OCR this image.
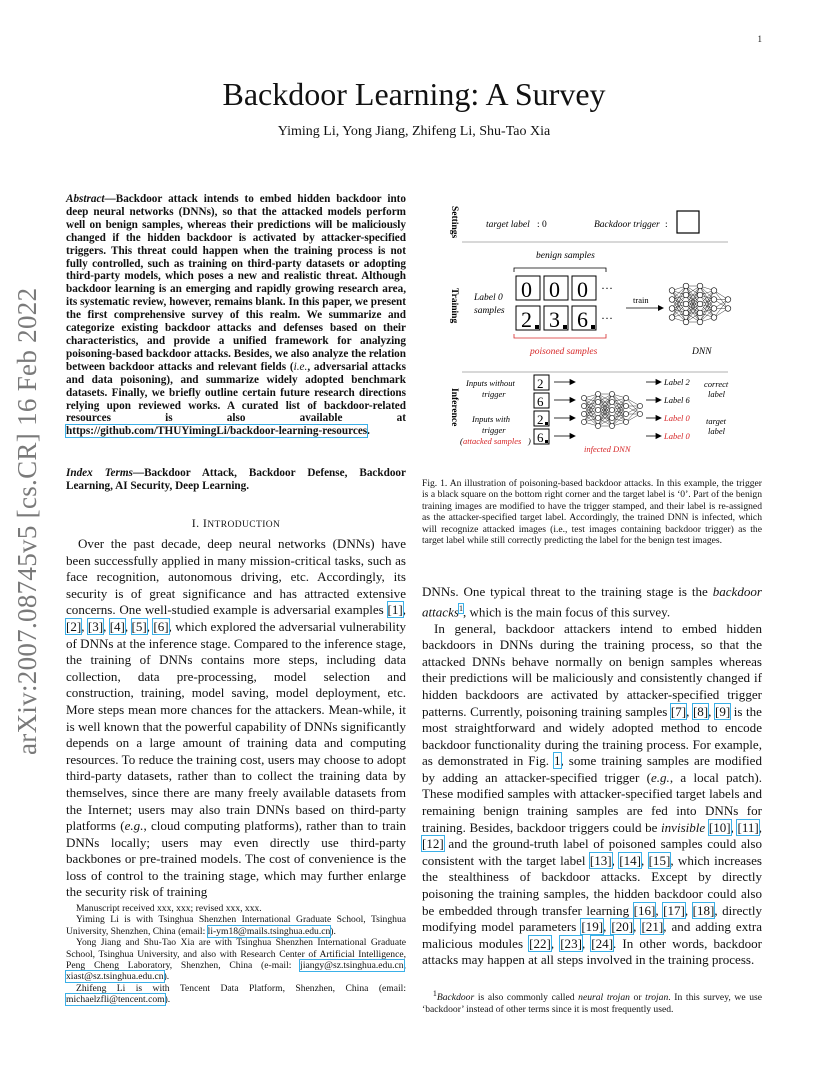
1
arXiv:2007.08745v5 [cs.CR] 16 Feb 2022
Backdoor Learning: A Survey
Yiming Li, Yong Jiang, Zhifeng Li, Shu-Tao Xia
Abstract—Backdoor attack intends to embed hidden backdoor into deep neural networks (DNNs), so that the attacked models perform well on benign samples, whereas their predictions will be maliciously changed if the hidden backdoor is activated by attacker-specified triggers. This threat could happen when the training process is not fully controlled, such as training on third-party datasets or adopting third-party models, which poses a new and realistic threat. Although backdoor learning is an emerging and rapidly growing research area, its systematic review, however, remains blank. In this paper, we present the first comprehensive survey of this realm. We summarize and categorize existing backdoor attacks and defenses based on their characteristics, and provide a unified framework for analyzing poisoning-based backdoor attacks. Besides, we also analyze the relation between backdoor attacks and relevant fields (i.e., adversarial attacks and data poisoning), and summarize widely adopted benchmark datasets. Finally, we briefly outline certain future research directions relying upon reviewed works. A curated list of backdoor-related resources is also available at https://github.com/THUYimingLi/backdoor-learning-resources.
Index Terms—Backdoor Attack, Backdoor Defense, Backdoor Learning, AI Security, Deep Learning.
I. INTRODUCTION
Over the past decade, deep neural networks (DNNs) have been successfully applied in many mission-critical tasks, such as face recognition, autonomous driving, etc. Accordingly, its security is of great significance and has attracted extensive concerns. One well-studied example is adversarial examples [1], [2], [3], [4], [5], [6], which explored the adversarial vulnerability of DNNs at the inference stage. Compared to the inference stage, the training of DNNs contains more steps, including data collection, data pre-processing, model selection and construction, training, model saving, model deployment, etc. More steps mean more chances for the attackers. Mean-while, it is well known that the powerful capability of DNNs significantly depends on a large amount of training data and computing resources. To reduce the training cost, users may choose to adopt third-party datasets, rather than to collect the training data by themselves, since there are many freely available datasets from the Internet; users may also train DNNs based on third-party platforms (e.g., cloud computing platforms), rather than to train DNNs locally; users may even directly use third-party backbones or pre-trained models. The cost of convenience is the loss of control to the training stage, which may further enlarge the security risk of training

Manuscript received xxx, xxx; revised xxx, xxx.

Yiming Li is with Tsinghua Shenzhen International Graduate School, Tsinghua University, Shenzhen, China (email: li-ym18@mails.tsinghua.edu.cn).

Yong Jiang and Shu-Tao Xia are with Tsinghua Shenzhen International Graduate School, Tsinghua University, and also with Research Center of Artificial Intelligence, Peng Cheng Laboratory, Shenzhen, China (e-mail: jiangy@sz.tsinghua.edu.cn, xiast@sz.tsinghua.edu.cn).

Zhifeng Li is with Tencent Data Platform, Shenzhen, China (email: michaelzfli@tencent.com).

Settings
Training
Inference
target label : 0	Backdoor trigger :
benign samples
Label 0
samples
0 0 0
2 3 6
···
···
poisoned samples
train
DNN
Inputs without
trigger
Inputs with
trigger
( attacked samples )
2
6
2
6
infected DNN
Label 2
Label 6
Label 0
Label 0
correct
label
target
label
Fig. 1. An illustration of poisoning-based backdoor attacks. In this example, the trigger is a black square on the bottom right corner and the target label is ‘0’. Part of the benign training images are modified to have the trigger stamped, and their label is re-assigned as the attacker-specified target label. Accordingly, the trained DNN is infected, which will recognize attacked images (i.e., test images containing backdoor trigger) as the target label while still correctly predicting the label for the benign test images.

DNNs. One typical threat to the training stage is the backdoor attacks$^1$, which is the main focus of this survey.

In general, backdoor attackers intend to embed hidden backdoors in DNNs during the training process, so that the attacked DNNs behave normally on benign samples whereas their predictions will be maliciously and consistently changed if hidden backdoors are activated by attacker-specified trigger patterns. Currently, poisoning training samples [7], [8], [9] is the most straightforward and widely adopted method to encode backdoor functionality during the training process. For example, as demonstrated in Fig. 1, some training samples are modified by adding an attacker-specified trigger (e.g., a local patch). These modified samples with attacker-specified target labels and remaining benign training samples are fed into DNNs for training. Besides, backdoor triggers could be invisible [10], [11], [12] and the ground-truth label of poisoned samples could also consistent with the target label [13], [14], [15], which increases the stealthiness of backdoor attacks. Except by directly poisoning the training samples, the hidden backdoor could also be embedded through transfer learning [16], [17], [18], directly modifying model parameters [19], [20], [21], and adding extra malicious modules [22], [23], [24]. In other words, backdoor attacks may happen at all steps involved in the training process.

$^1$Backdoor is also commonly called neural trojan or trojan. In this survey, we use ‘backdoor’ instead of other terms since it is most frequently used.
